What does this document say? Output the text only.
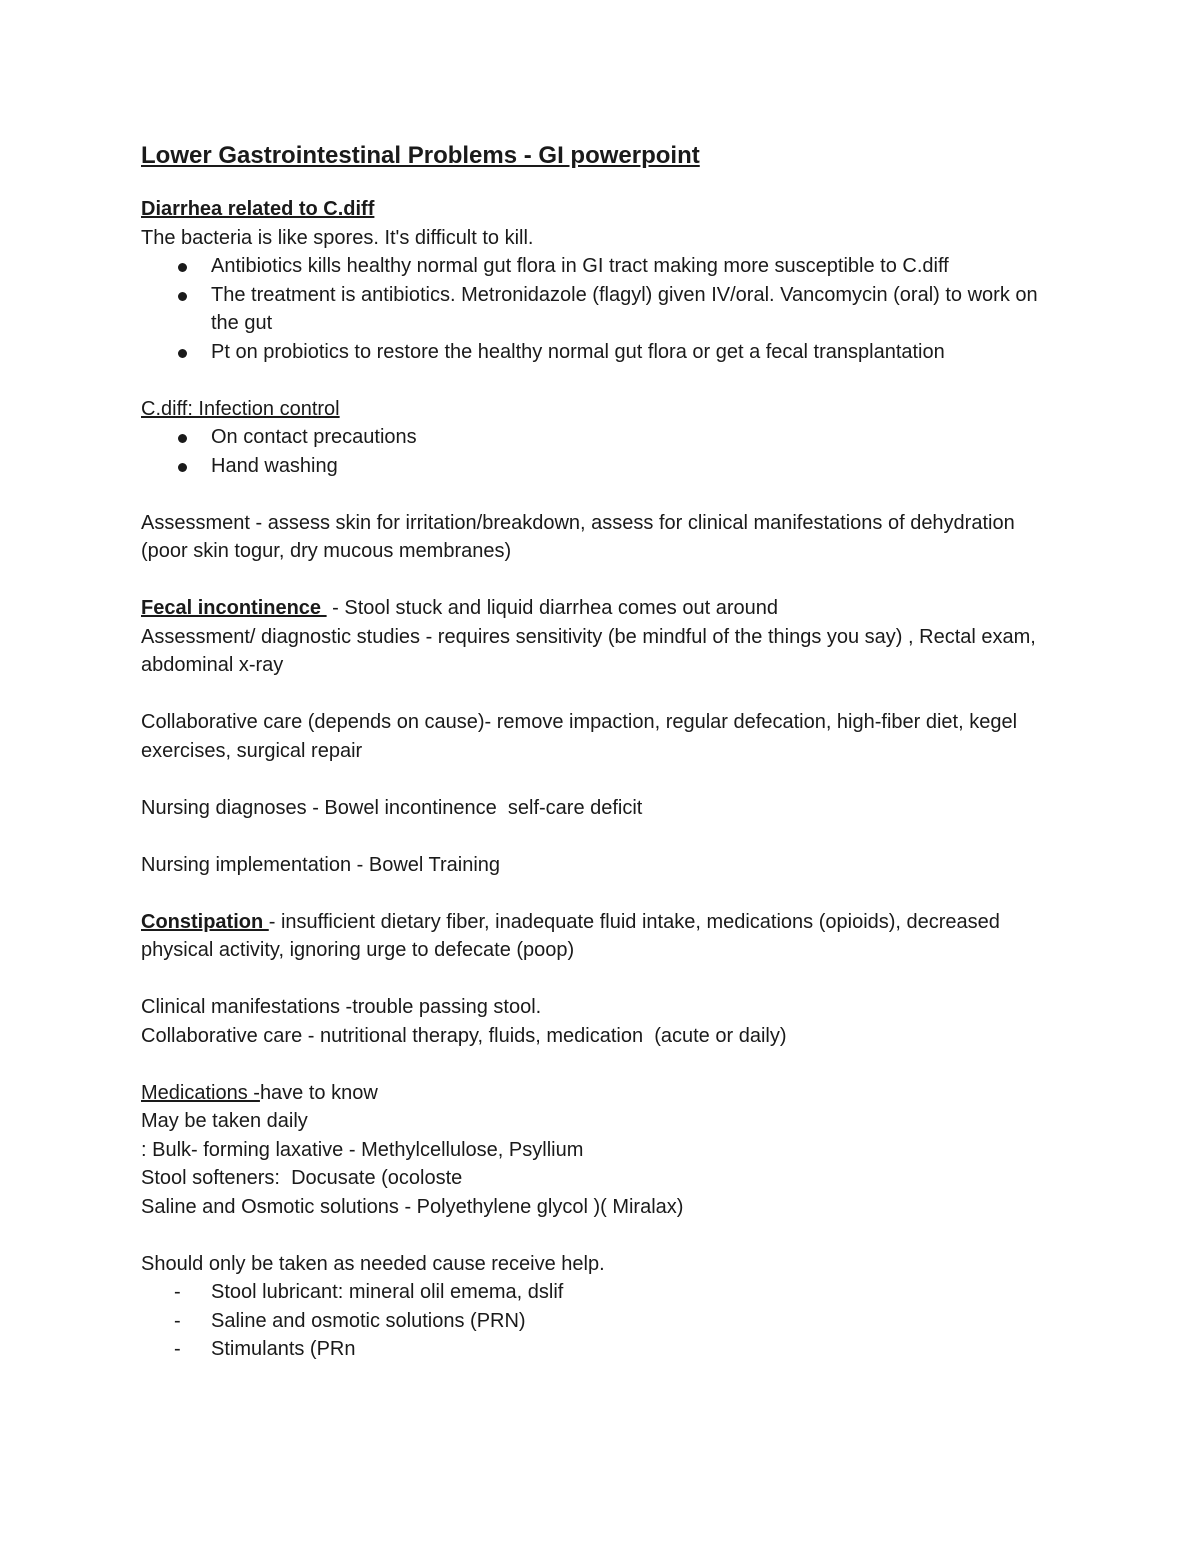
Lower Gastrointestinal Problems - GI powerpoint

Diarrhea related to C.diff

The bacteria is like spores. It's difficult to kill.

Antibiotics kills healthy normal gut flora in GI tract making more susceptible to C.diff
The treatment is antibiotics. Metronidazole (flagyl) given IV/oral. Vancomycin (oral) to work on the gut
Pt on probiotics to restore the healthy normal gut flora or get a fecal transplantation

C.diff: Infection control

On contact precautions
Hand washing

Assessment - assess skin for irritation/breakdown, assess for clinical manifestations of dehydration (poor skin togur, dry mucous membranes)

Fecal incontinence  - Stool stuck and liquid diarrhea comes out around

Assessment/ diagnostic studies - requires sensitivity (be mindful of the things you say) , Rectal exam, abdominal x-ray

Collaborative care (depends on cause)- remove impaction, regular defecation, high-fiber diet, kegel exercises, surgical repair

Nursing diagnoses - Bowel incontinence  self-care deficit

Nursing implementation - Bowel Training

Constipation - insufficient dietary fiber, inadequate fluid intake, medications (opioids), decreased physical activity, ignoring urge to defecate (poop)

Clinical manifestations -trouble passing stool.

Collaborative care - nutritional therapy, fluids, medication  (acute or daily)

Medications -have to know

May be taken daily

: Bulk- forming laxative - Methylcellulose, Psyllium

Stool softeners:  Docusate (ocoloste

Saline and Osmotic solutions - Polyethylene glycol )( Miralax)

Should only be taken as needed cause receive help.

- Stool lubricant: mineral olil emema, dslif
- Saline and osmotic solutions (PRN)
- Stimulants (PRn
